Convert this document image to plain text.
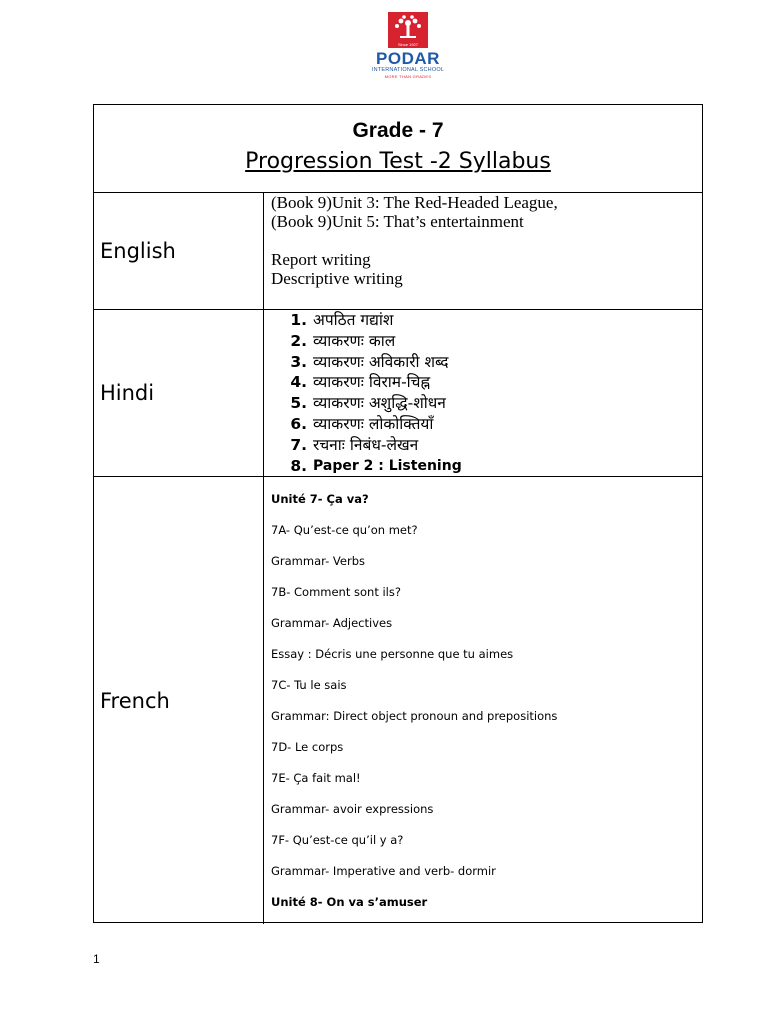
Since 1927
PODAR
INTERNATIONAL SCHOOL
MORE THAN GRADES
Grade - 7
Progression Test -2 Syllabus
English
(Book 9)Unit 3: The Red-Headed League,
(Book 9)Unit 5: That’s entertainment
Report writing
Descriptive writing
Hindi
1. अपठित गद्यांश
2. व्याकरणः काल
3. व्याकरणः अविकारी शब्द
4. व्याकरणः विराम-चिह्न
5. व्याकरणः अशुद्धि-शोधन
6. व्याकरणः लोकोक्तियाँ
7. रचनाः निबंध-लेखन
8. Paper 2 : Listening
French
Unité 7- Ça va?
7A- Qu’est-ce qu’on met?
Grammar- Verbs
7B- Comment sont ils?
Grammar- Adjectives
Essay : Décris une personne que tu aimes
7C- Tu le sais
Grammar: Direct object pronoun and prepositions
7D- Le corps
7E- Ça fait mal!
Grammar- avoir expressions
7F- Qu’est-ce qu’il y a?
Grammar- Imperative and verb- dormir
Unité 8- On va s’amuser
1
